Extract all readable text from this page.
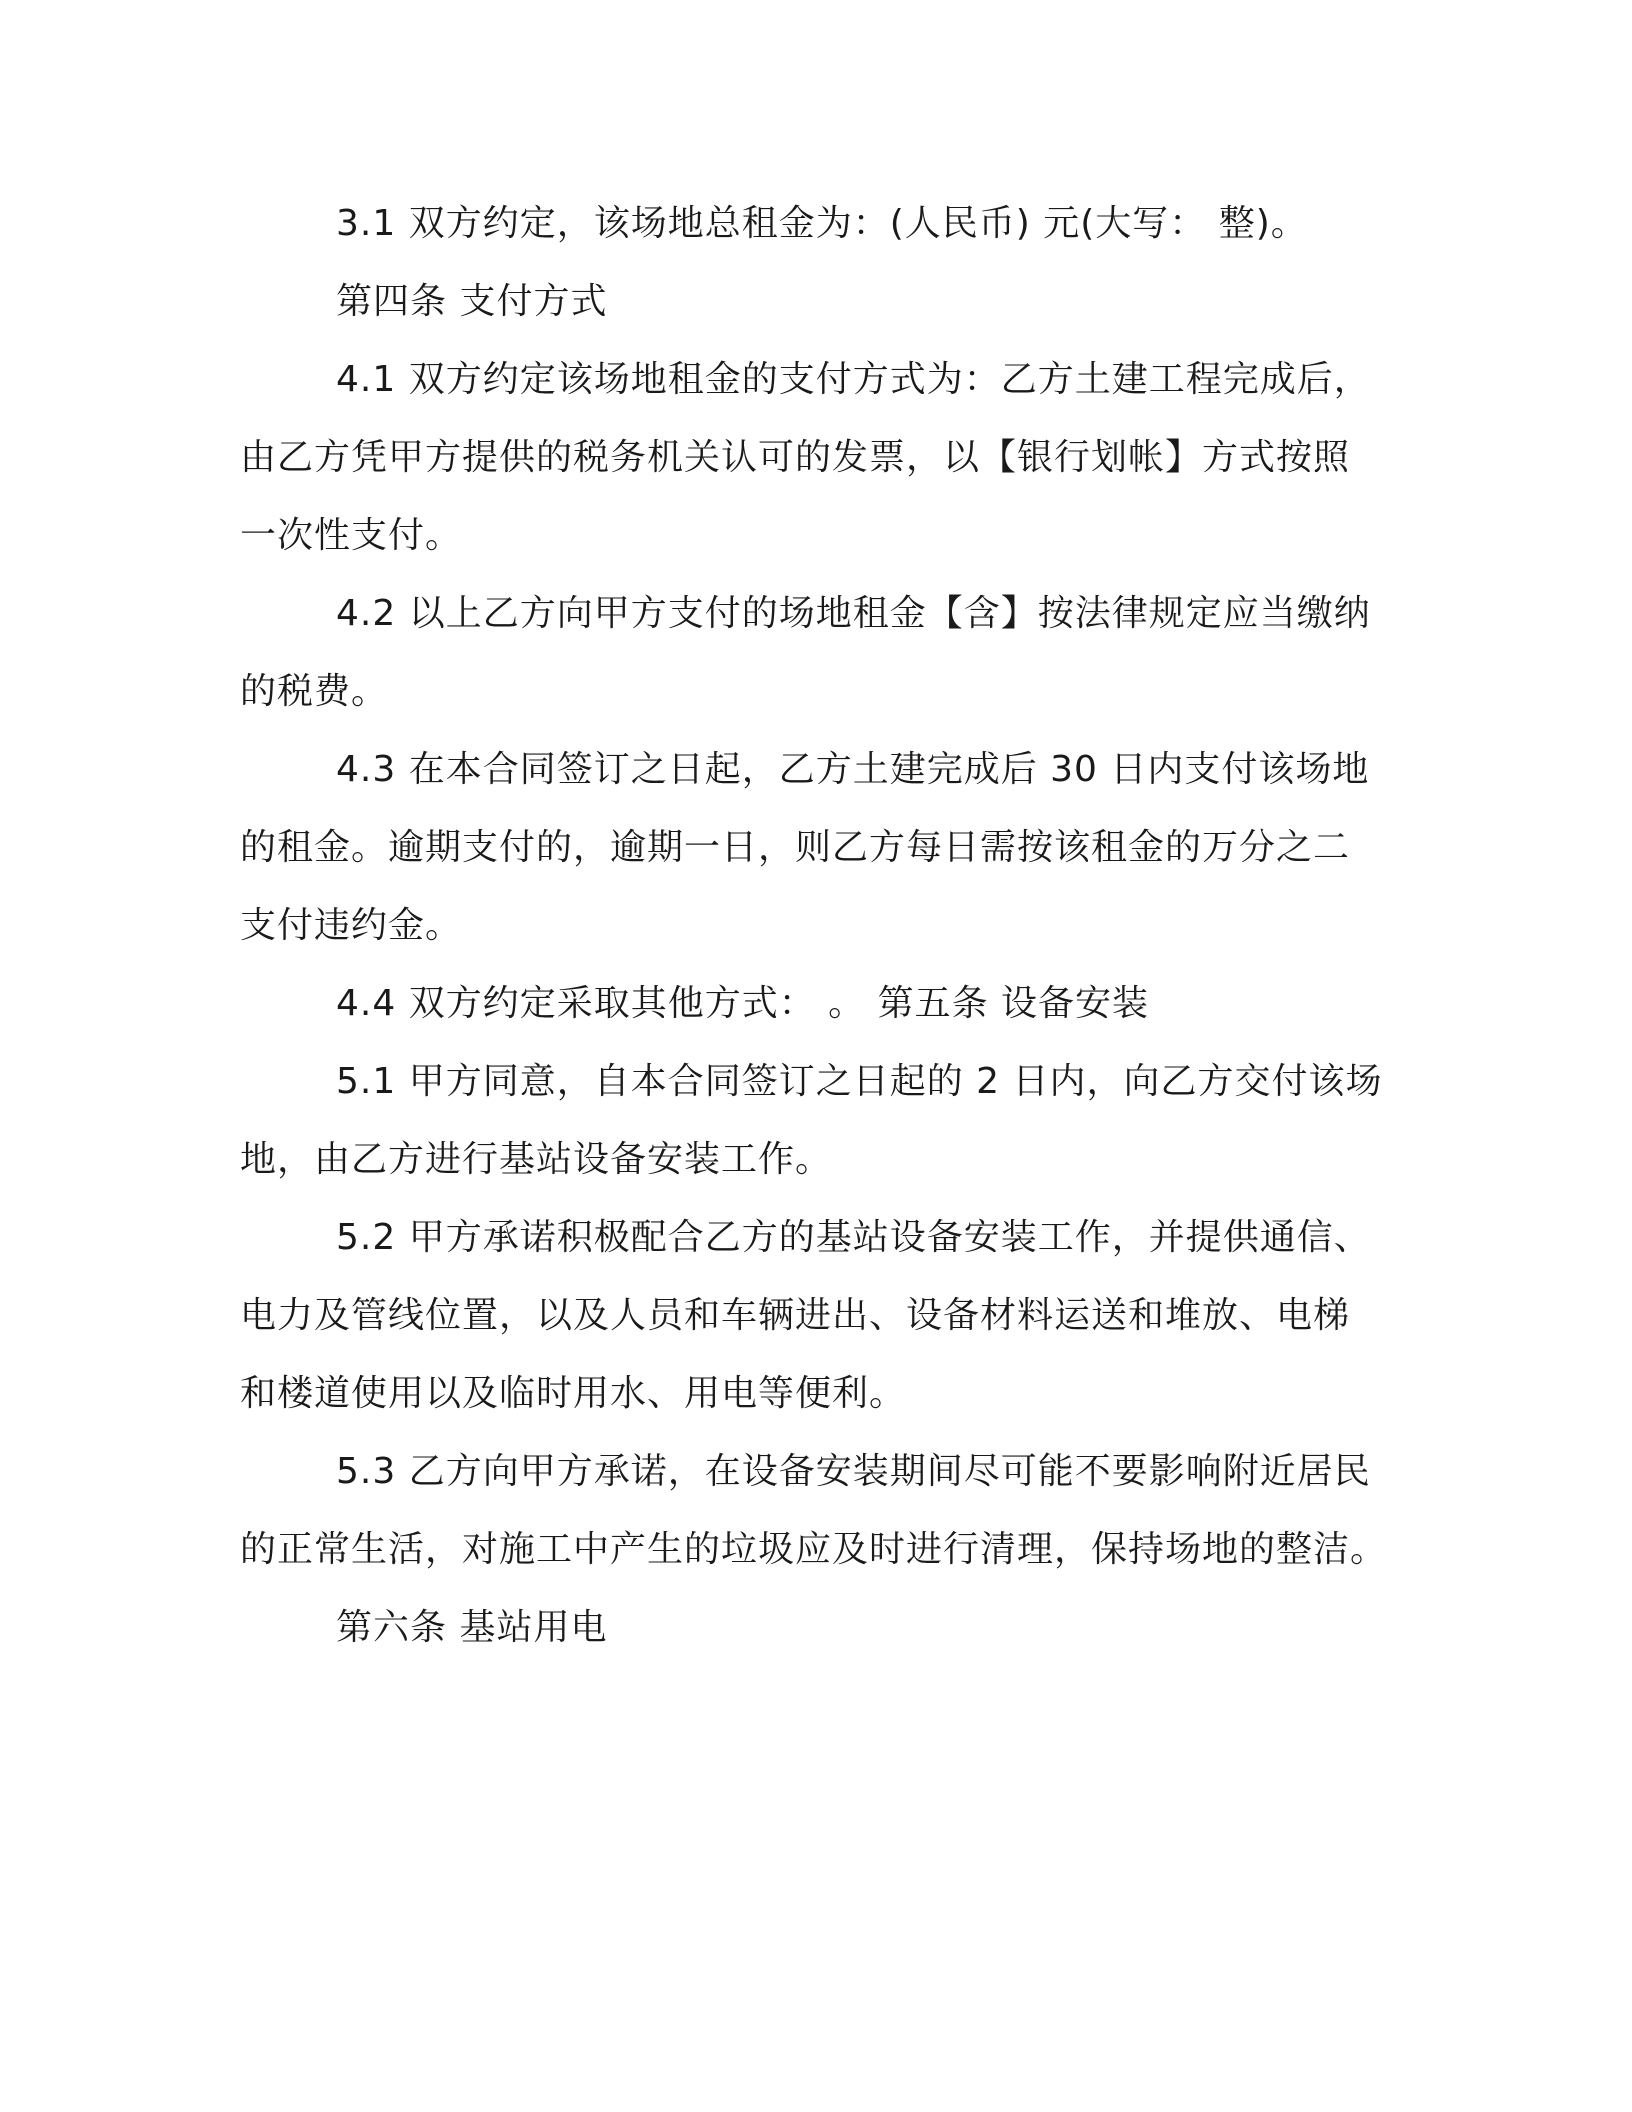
3.1 双方约定，该场地总租金为：(人民币) 元(大写： 整)。
第四条 支付方式
4.1 双方约定该场地租金的支付方式为：乙方土建工程完成后，
由乙方凭甲方提供的税务机关认可的发票，以【银行划帐】方式按照
一次性支付。
4.2 以上乙方向甲方支付的场地租金【含】按法律规定应当缴纳
的税费。
4.3 在本合同签订之日起，乙方土建完成后 30 日内支付该场地
的租金。逾期支付的，逾期一日，则乙方每日需按该租金的万分之二
支付违约金。
4.4 双方约定采取其他方式： 。 第五条 设备安装
5.1 甲方同意，自本合同签订之日起的 2 日内，向乙方交付该场
地，由乙方进行基站设备安装工作。
5.2 甲方承诺积极配合乙方的基站设备安装工作，并提供通信、
电力及管线位置，以及人员和车辆进出、设备材料运送和堆放、电梯
和楼道使用以及临时用水、用电等便利。
5.3 乙方向甲方承诺，在设备安装期间尽可能不要影响附近居民
的正常生活，对施工中产生的垃圾应及时进行清理，保持场地的整洁。
第六条 基站用电
